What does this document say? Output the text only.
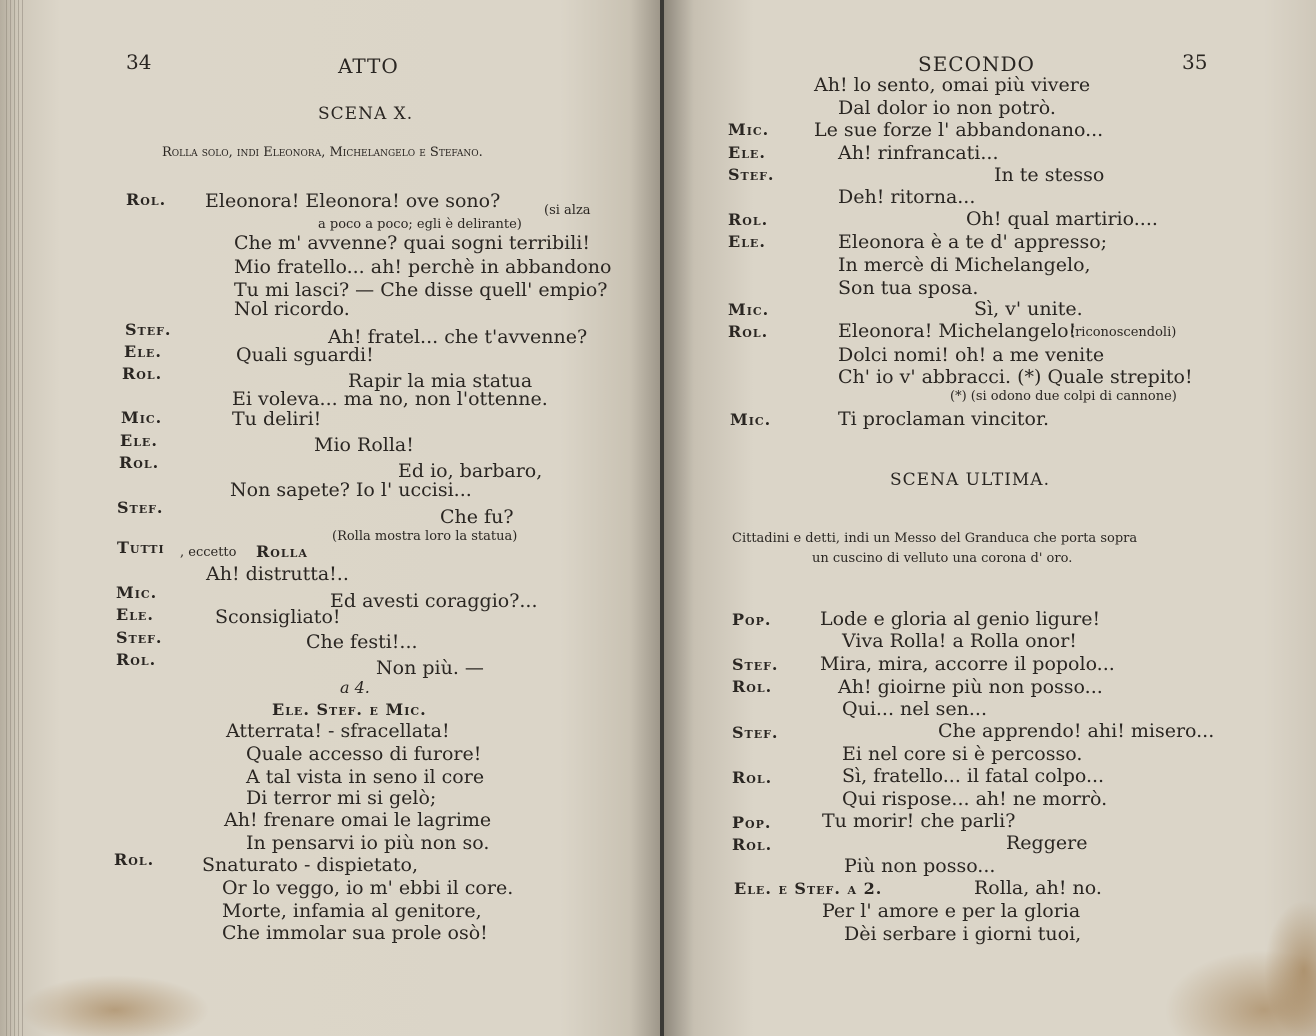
34	ATTO
SCENA X.
Rolla solo, indi Eleonora, Michelangelo e Stefano.
Rol. Eleonora! Eleonora! ove sono?	(si alza
a poco a poco; egli è delirante)
Che m' avvenne? quai sogni terribili!
Mio fratello... ah! perchè in abbandono
Tu mi lasci? — Che disse quell' empio?
Nol ricordo.
Stef.	Ah! fratel... che t'avvenne?
Ele.	Quali sguardi!
Rol.	Rapir la mia statua
Ei voleva... ma no, non l'ottenne.
Mic.	Tu deliri!
Ele.	Mio Rolla!
Rol.	Ed io, barbaro,
Non sapete? Io l' uccisi...
Stef.	Che fu?
(Rolla mostra loro la statua)
Tutti , eccetto Rolla
Ah! distrutta!..
Mic.	Ed avesti coraggio?...
Ele.	Sconsigliato!
Stef.	Che festi!...
Rol.	Non più. —
a 4.
Ele. Stef. e Mic.
Atterrata! - sfracellata!
Quale accesso di furore!
A tal vista in seno il core
Di terror mi si gelò;
Ah! frenare omai le lagrime
In pensarvi io più non so.
Rol.	Snaturato - dispietato,
Or lo veggo, io m' ebbi il core.
Morte, infamia al genitore,
Che immolar sua prole osò!
SECONDO	35
Ah! lo sento, omai più vivere
Dal dolor io non potrò.
Mic. Le sue forze l' abbandonano...
Ele.	Ah! rinfrancati...
Stef.	In te stesso
Deh! ritorna...
Rol.	Oh! qual martirio....
Ele.	Eleonora è a te d' appresso;
In mercè di Michelangelo,
Son tua sposa.
Mic.	Sì, v' unite.
Rol.	Eleonora! Michelangelo!
(riconoscendoli)
Dolci nomi! oh! a me venite
Ch' io v' abbracci. (*) Quale strepito!
(*) (si odono due colpi di cannone)
Mic.	Ti proclaman vincitor.
SCENA ULTIMA.
Cittadini e detti, indi un Messo del Granduca che porta sopra
un cuscino di velluto una corona d' oro.
Pop.	Lode e gloria al genio ligure!
Viva Rolla! a Rolla onor!
Stef. Mira, mira, accorre il popolo...
Rol.	Ah! gioirne più non posso...
Qui... nel sen...
Stef.	Che apprendo! ahi! misero...
Ei nel core si è percosso.
Rol.	Sì, fratello... il fatal colpo...
Qui rispose... ah! ne morrò.
Pop.	Tu morir! che parli?
Rol.	Reggere
Più non posso...
Ele. e Stef. a 2.	Rolla, ah! no.
Per l' amore e per la gloria
Dèi serbare i giorni tuoi,
